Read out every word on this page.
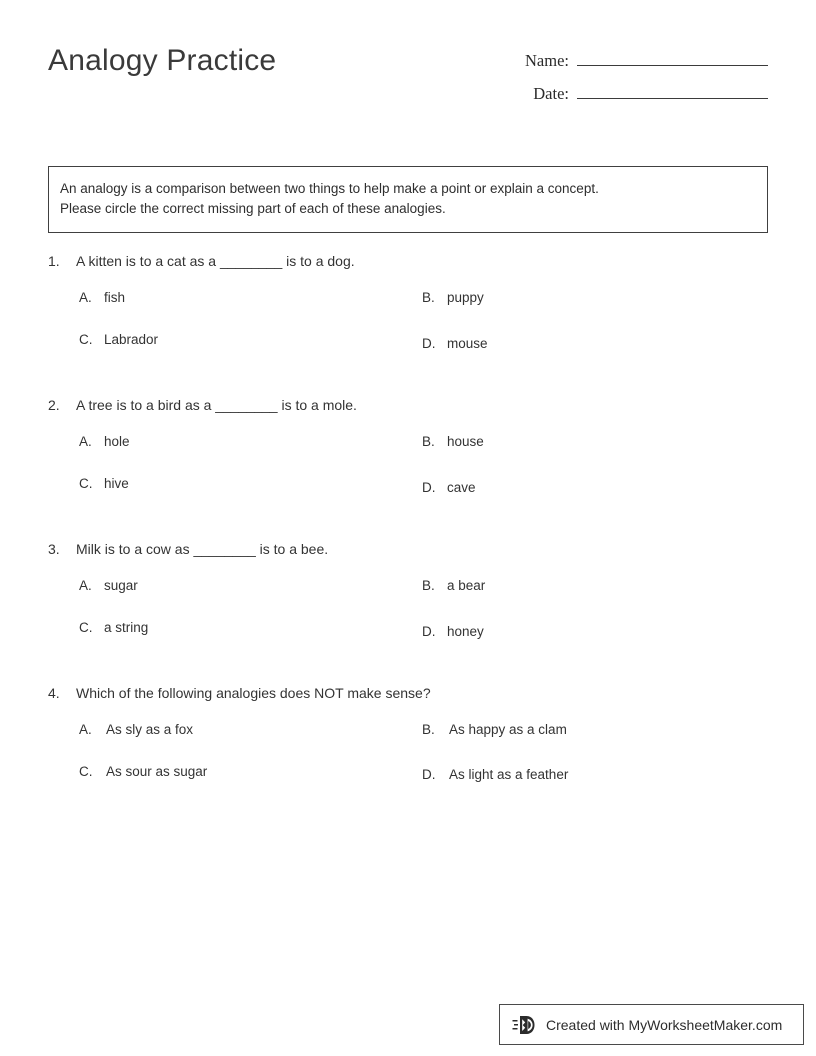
Analogy Practice	Name:
Date:

An analogy is a comparison between two things to help make a point or explain a concept.

Please circle the correct missing part of each of these analogies.

1.	A kitten is to a cat as a ________ is to a dog.
A. fish	B. puppy
C. Labrador	D. mouse
2.	A tree is to a bird as a ________ is to a mole.
A. hole	B. house
C. hive	D. cave
3.	Milk is to a cow as ________ is to a bee.
A. sugar	B. a bear
C. a string	D. honey
4.	Which of the following analogies does NOT make sense?
A.	As sly as a fox	B.	As happy as a clam
C.	As sour as sugar	D.	As light as a feather
Created with MyWorksheetMaker.com
